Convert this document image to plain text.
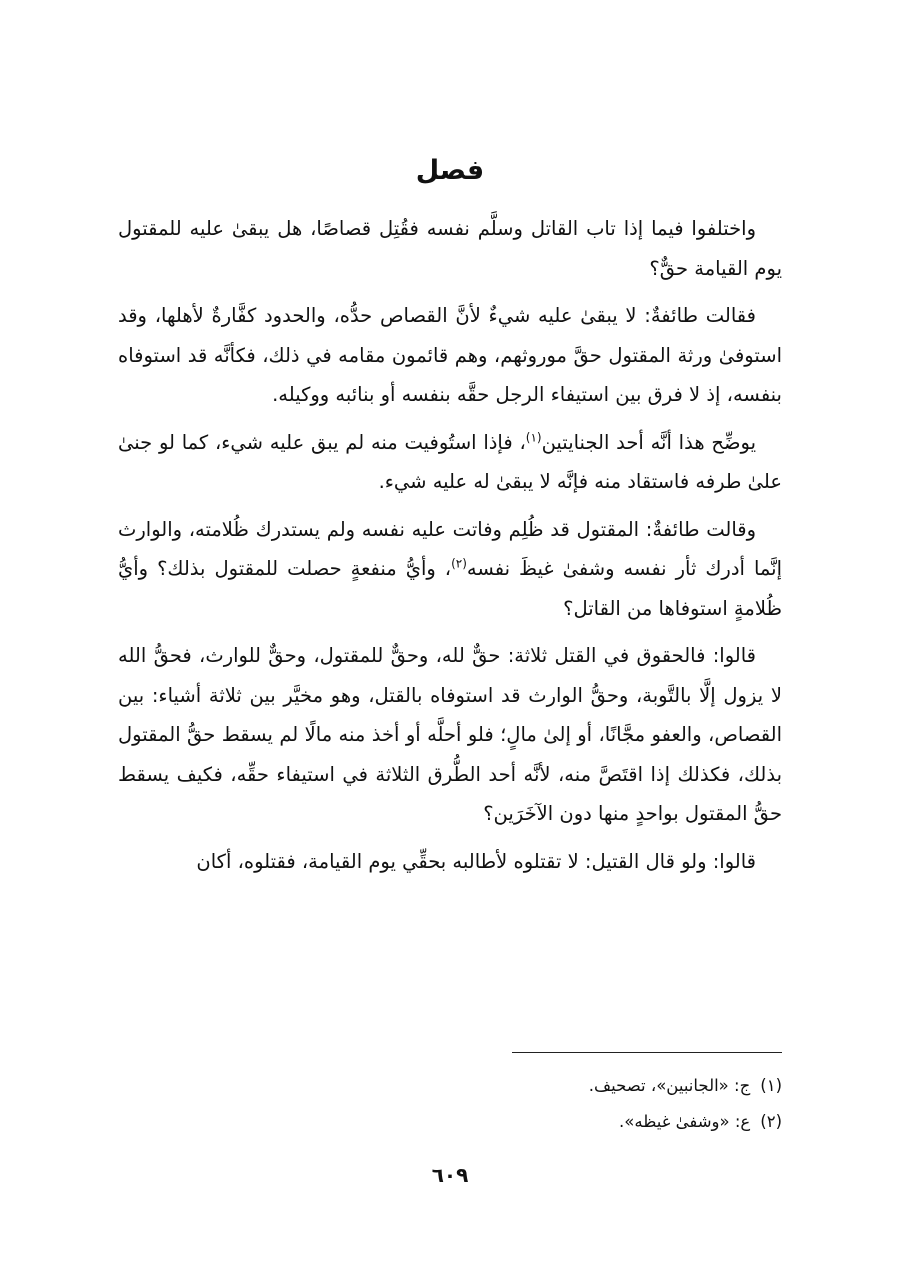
فصل

واختلفوا فيما إذا تاب القاتل وسلَّم نفسه فقُتِل قصاصًا، هل يبقىٰ عليه للمقتول يوم القيامة حقٌّ؟

فقالت طائفةٌ: لا يبقىٰ عليه شيءٌ لأنَّ القصاص حدُّه، والحدود كفَّارةٌ لأهلها، وقد استوفىٰ ورثة المقتول حقَّ موروثهم، وهم قائمون مقامه في ذلك، فكأنَّه قد استوفاه بنفسه، إذ لا فرق بين استيفاء الرجل حقَّه بنفسه أو بنائبه ووكيله.

يوضِّح هذا أنَّه أحد الجنايتين$^{(١)}$، فإذا استُوفيت منه لم يبق عليه شيء، كما لو جنىٰ علىٰ طرفه فاستقاد منه فإنَّه لا يبقىٰ له عليه شيء.

وقالت طائفةٌ: المقتول قد ظُلِم وفاتت عليه نفسه ولم يستدرك ظُلامته، والوارث إنَّما أدرك ثأر نفسه وشفىٰ غيظَ نفسه$^{(٢)}$، وأيُّ منفعةٍ حصلت للمقتول بذلك؟ وأيُّ ظُلامةٍ استوفاها من القاتل؟

قالوا: فالحقوق في القتل ثلاثة: حقٌّ لله، وحقٌّ للمقتول، وحقٌّ للوارث، فحقُّ الله لا يزول إلَّا بالتَّوبة، وحقُّ الوارث قد استوفاه بالقتل، وهو مخيَّر بين ثلاثة أشياء: بين القصاص، والعفو مجَّانًا، أو إلىٰ مالٍ؛ فلو أحلَّه أو أخذ منه مالًا لم يسقط حقُّ المقتول بذلك، فكذلك إذا اقتَصَّ منه، لأنَّه أحد الطُّرق الثلاثة في استيفاء حقِّه، فكيف يسقط حقُّ المقتول بواحدٍ منها دون الآخَرَين؟

قالوا: ولو قال القتيل: لا تقتلوه لأطالبه بحقِّي يوم القيامة، فقتلوه، أكان

(١)ج: «الجانبين»، تصحيف.
(٢)ع: «وشفىٰ غيظه».
٦٠٩
